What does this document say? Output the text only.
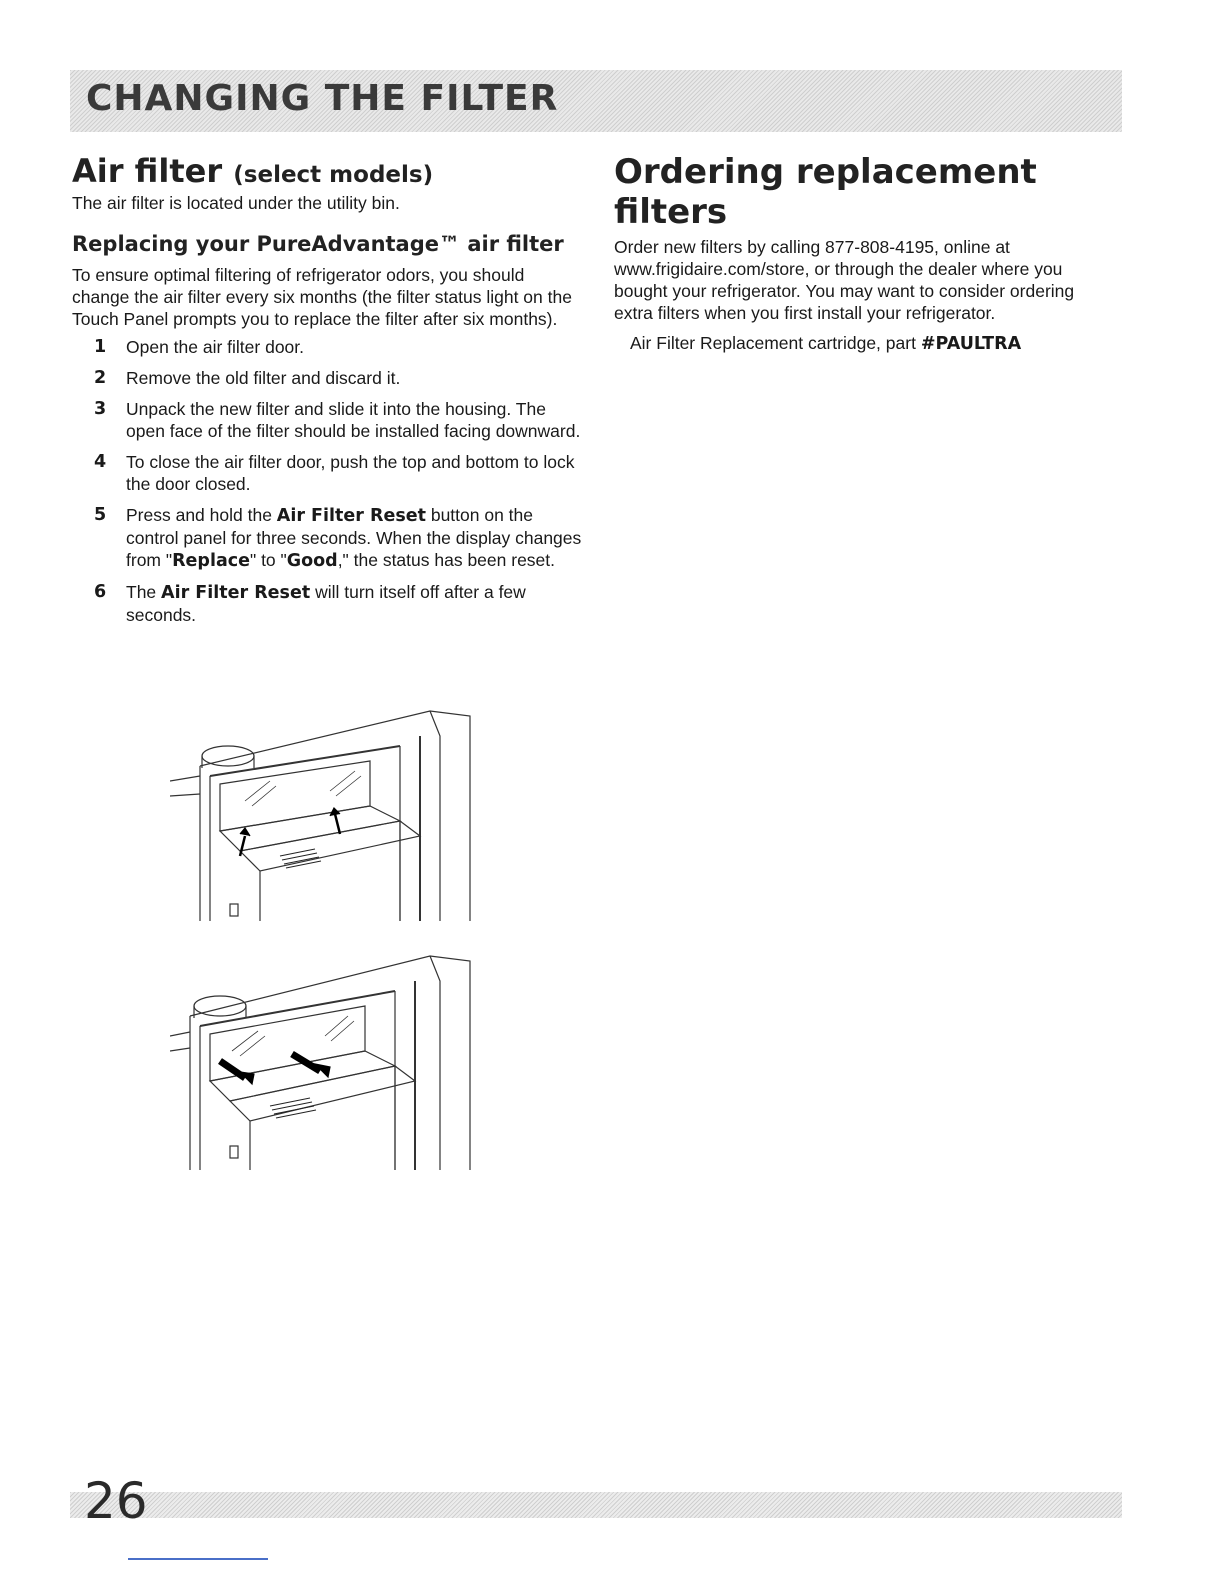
CHANGING THE FILTER
Air filter (select models)

The air filter is located under the utility bin.

Replacing your PureAdvantage™ air filter

To ensure optimal filtering of refrigerator odors, you should change the air filter every six months (the filter status light on the Touch Panel prompts you to replace the filter after six months).

1 Open the air filter door.
2 Remove the old filter and discard it.
3 Unpack the new filter and slide it into the housing. The open face of the filter should be installed facing downward.
4 To close the air filter door, push the top and bottom to lock the door closed.
5 Press and hold the Air Filter Reset button on the control panel for three seconds. When the display changes from "Replace" to "Good," the status has been reset.
6 The Air Filter Reset will turn itself off after a few seconds.
Ordering replacement filters

Order new filters by calling 877-808-4195, online at www.frigidaire.com/store, or through the dealer where you bought your refrigerator. You may want to consider ordering extra filters when you first install your refrigerator.

Air Filter Replacement cartridge, part #PAULTRA

26
